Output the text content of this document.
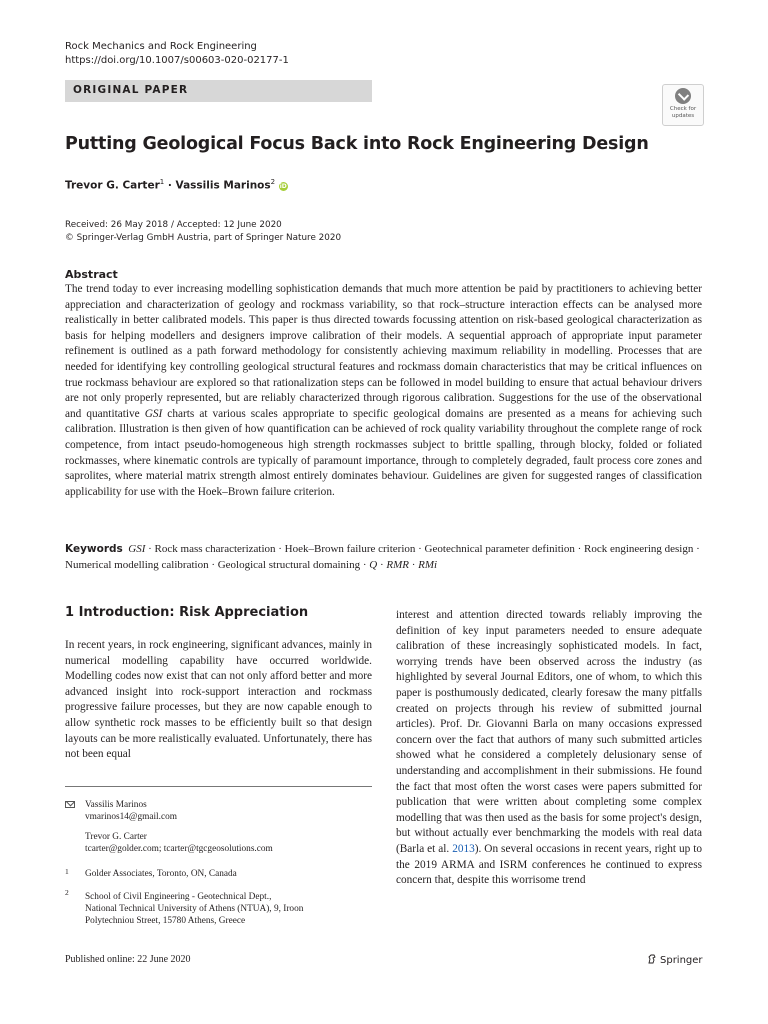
Rock Mechanics and Rock Engineering
https://doi.org/10.1007/s00603-020-02177-1
ORIGINAL PAPER
Check for updates
Putting Geological Focus Back into Rock Engineering Design
Trevor G. Carter$^1$ · Vassilis Marinos$^2$ iD
Received: 26 May 2018 / Accepted: 12 June 2020
© Springer-Verlag GmbH Austria, part of Springer Nature 2020
Abstract
The trend today to ever increasing modelling sophistication demands that much more attention be paid by practitioners to achieving better appreciation and characterization of geology and rockmass variability, so that rock–structure interaction effects can be analysed more realistically in better calibrated models. This paper is thus directed towards focussing attention on risk-based geological characterization as basis for helping modellers and designers improve calibration of their models. A sequential approach of appropriate input parameter refinement is outlined as a path forward methodology for consistently achieving maximum reliability in modelling. Processes that are needed for identifying key controlling geological structural features and rockmass domain characteristics that may be critical influences on true rockmass behaviour are explored so that rationalization steps can be followed in model building to ensure that actual behaviour drivers are not only properly represented, but are reliably characterized through rigorous calibration. Suggestions for the use of the observational and quantitative GSI charts at various scales appropriate to specific geological domains are presented as a means for achieving such calibration. Illustration is then given of how quantification can be achieved of rock quality variability throughout the complete range of rock competence, from intact pseudo-homogeneous high strength rockmasses subject to brittle spalling, through blocky, folded or foliated rockmasses, where kinematic controls are typically of paramount importance, through to completely degraded, fault process core zones and saprolites, where material matrix strength almost entirely dominates behaviour. Guidelines are given for suggested ranges of classification applicability for use with the Hoek–Brown failure criterion.
Keywords GSI · Rock mass characterization · Hoek–Brown failure criterion · Geotechnical parameter definition · Rock engineering design · Numerical modelling calibration · Geological structural domaining · Q · RMR · RMi
1 Introduction: Risk Appreciation
In recent years, in rock engineering, significant advances, mainly in numerical modelling capability have occurred worldwide. Modelling codes now exist that can not only afford better and more advanced insight into rock-support interaction and rockmass progressive failure processes, but they are now capable enough to allow synthetic rock masses to be efficiently built so that design layouts can be more realistically evaluated. Unfortunately, there has not been equal
interest and attention directed towards reliably improving the definition of key input parameters needed to ensure adequate calibration of these increasingly sophisticated models. In fact, worrying trends have been observed across the industry (as highlighted by several Journal Editors, one of whom, to which this paper is posthumously dedicated, clearly foresaw the many pitfalls created on projects through his review of submitted journal articles). Prof. Dr. Giovanni Barla on many occasions expressed concern over the fact that authors of many such submitted articles showed what he considered a completely delusionary sense of understanding and accomplishment in their submissions. He found the fact that most often the worst cases were papers submitted for publication that were written about completing some complex modelling that was then used as the basis for some project's design, but without actually ever benchmarking the models with real data (Barla et al. 2013). On several occasions in recent years, right up to the 2019 ARMA and ISRM conferences he continued to express concern that, despite this worrisome trend
Vassilis Marinos
vmarinos14@gmail.com
Trevor G. Carter
tcarter@golder.com; tcarter@tgcgeosolutions.com
1 Golder Associates, Toronto, ON, Canada
2 School of Civil Engineering - Geotechnical Dept.,
National Technical University of Athens (NTUA), 9, Iroon
Polytechniou Street, 15780 Athens, Greece
Published online: 22 June 2020	Springer
